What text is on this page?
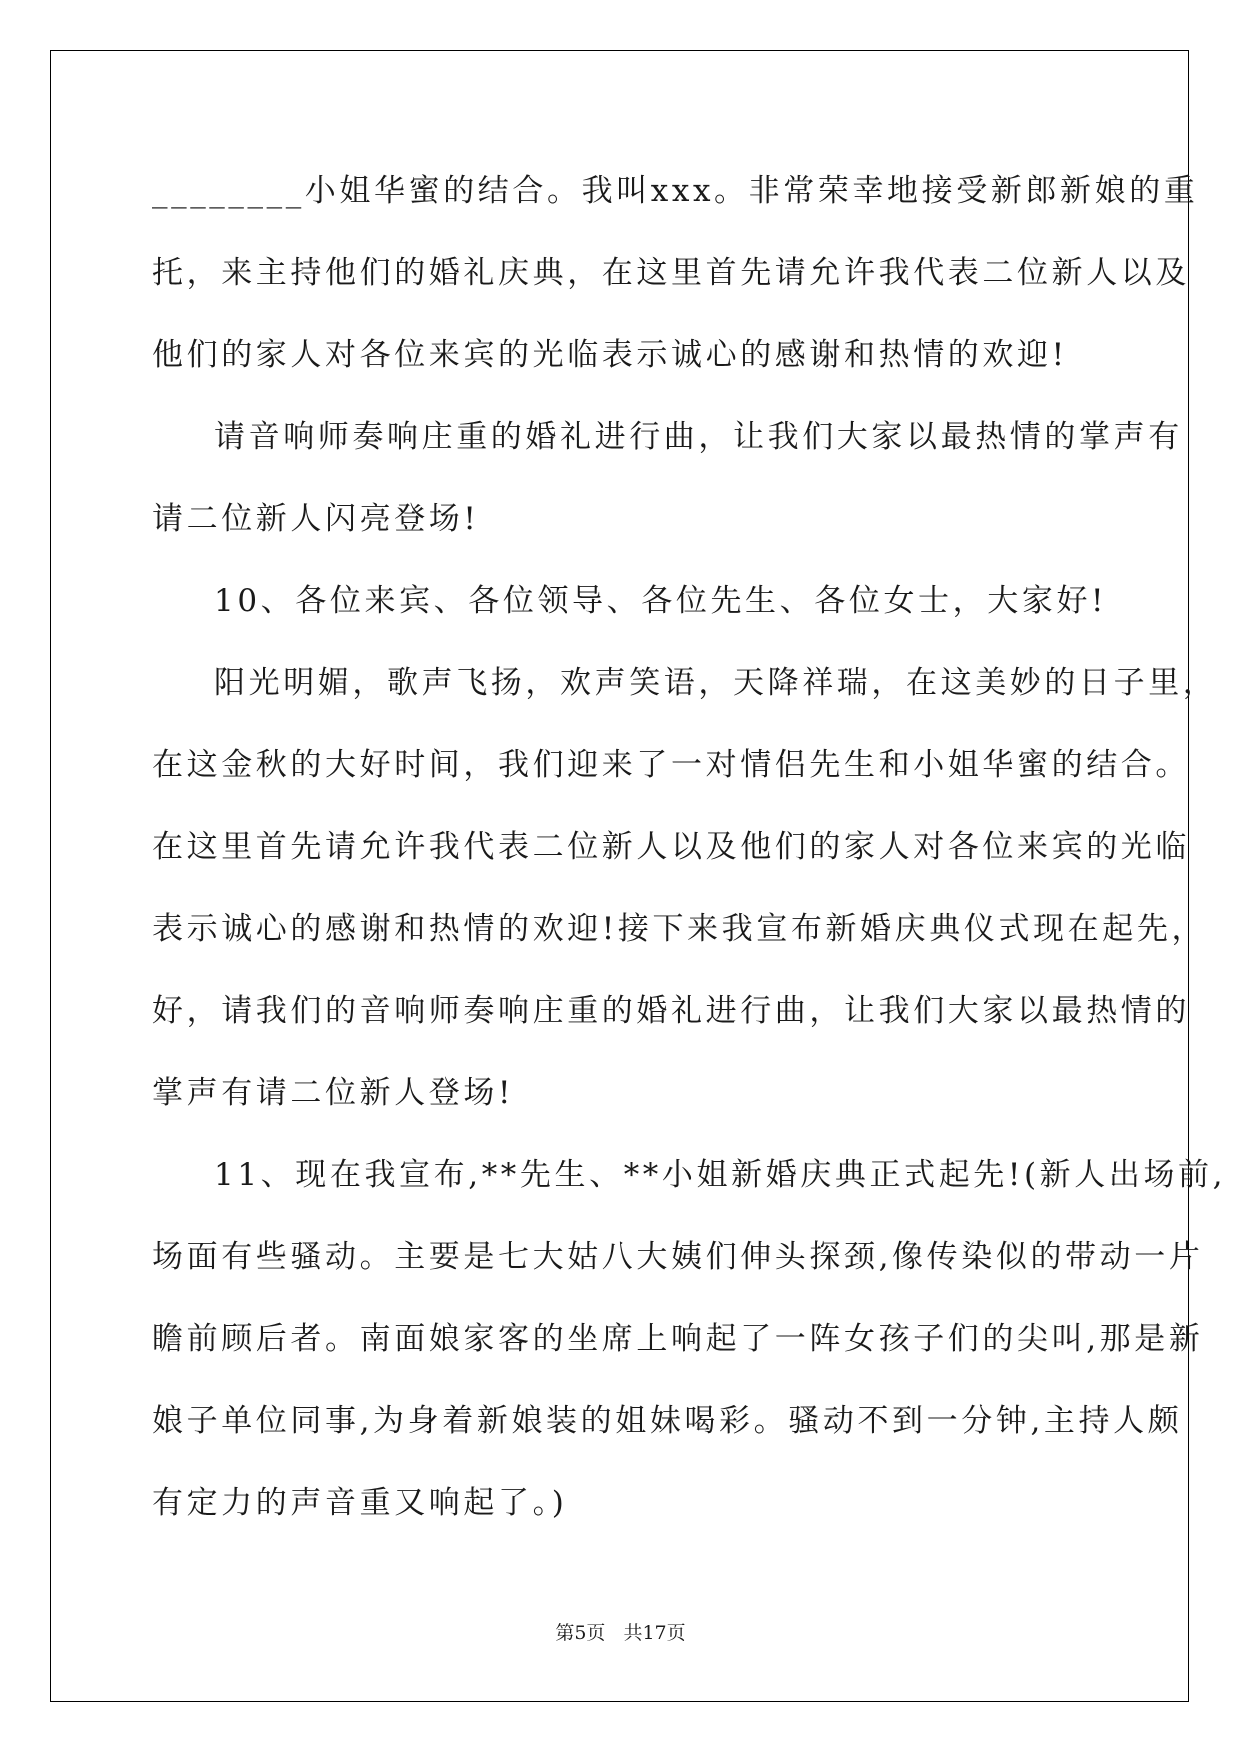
________小姐华蜜的结合。我叫xxx。非常荣幸地接受新郎新娘的重
托，来主持他们的婚礼庆典，在这里首先请允许我代表二位新人以及
他们的家人对各位来宾的光临表示诚心的感谢和热情的欢迎!
请音响师奏响庄重的婚礼进行曲，让我们大家以最热情的掌声有
请二位新人闪亮登场!
10、各位来宾、各位领导、各位先生、各位女士，大家好!
阳光明媚，歌声飞扬，欢声笑语，天降祥瑞，在这美妙的日子里，
在这金秋的大好时间，我们迎来了一对情侣先生和小姐华蜜的结合。
在这里首先请允许我代表二位新人以及他们的家人对各位来宾的光临
表示诚心的感谢和热情的欢迎!接下来我宣布新婚庆典仪式现在起先，
好，请我们的音响师奏响庄重的婚礼进行曲，让我们大家以最热情的
掌声有请二位新人登场!
11、现在我宣布,**先生、**小姐新婚庆典正式起先!(新人出场前,
场面有些骚动。主要是七大姑八大姨们伸头探颈,像传染似的带动一片
瞻前顾后者。南面娘家客的坐席上响起了一阵女孩子们的尖叫,那是新
娘子单位同事,为身着新娘装的姐妹喝彩。骚动不到一分钟,主持人颇
有定力的声音重又响起了。)
第5页 共17页
